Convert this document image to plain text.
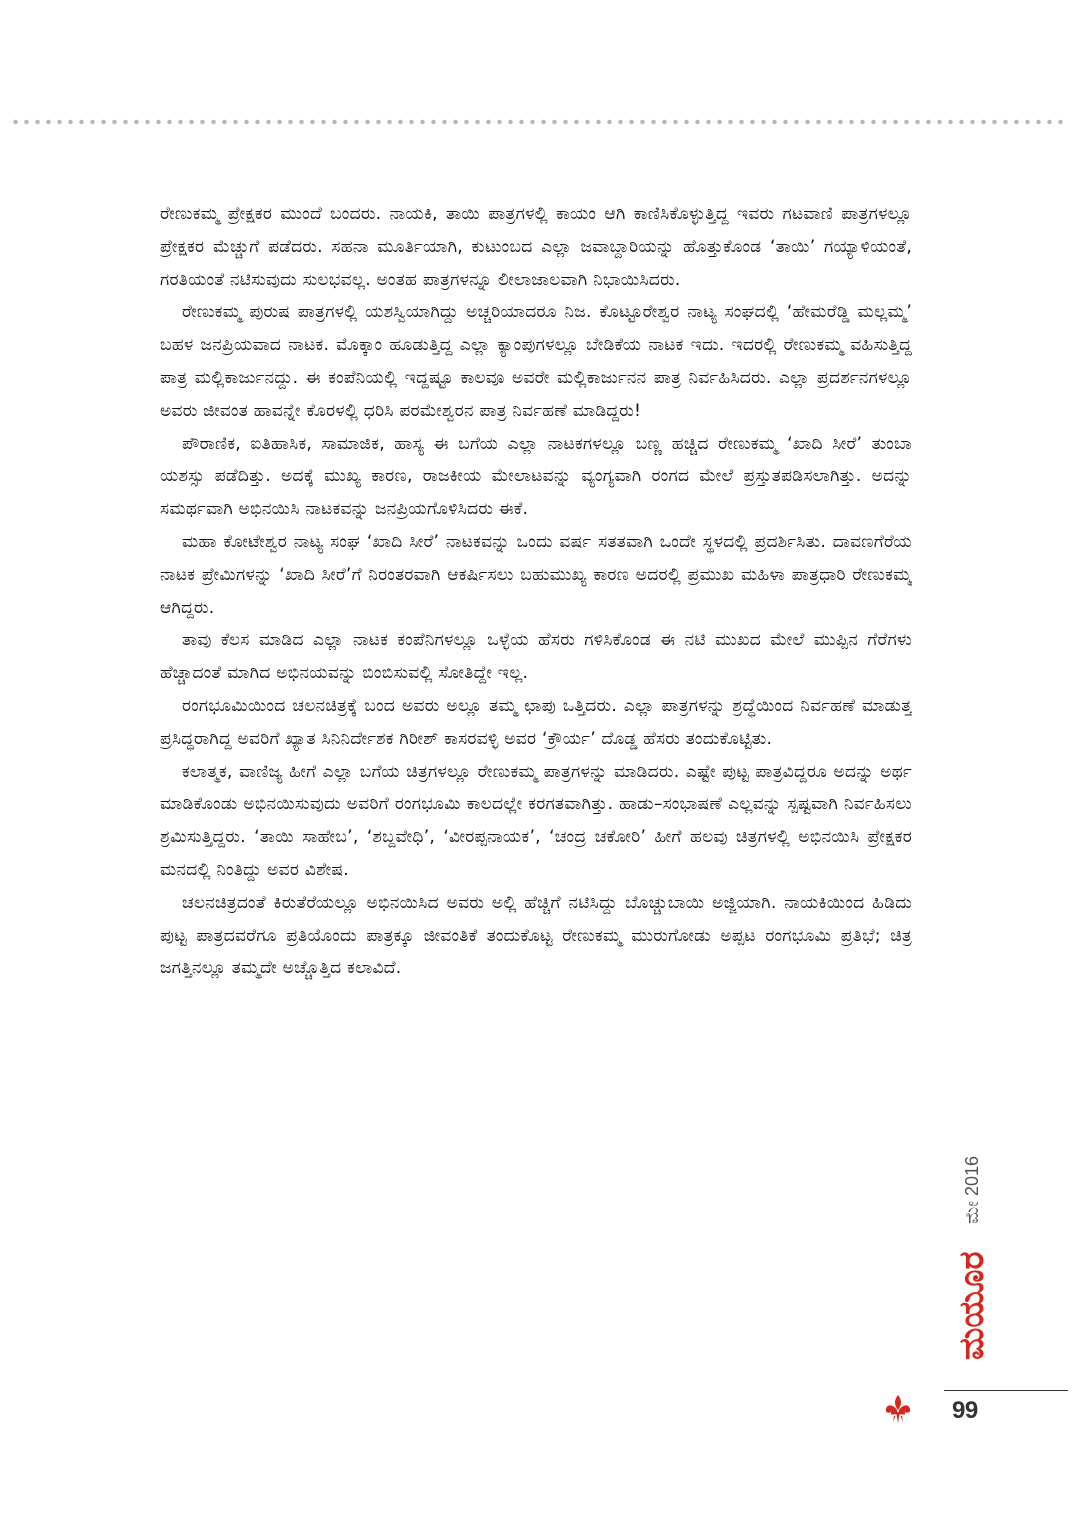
ರೇಣುಕಮ್ಮ ಪ್ರೇಕ್ಷಕರ ಮುಂದೆ ಬಂದರು. ನಾಯಕಿ, ತಾಯಿ ಪಾತ್ರಗಳಲ್ಲಿ ಕಾಯಂ ಆಗಿ ಕಾಣಿಸಿಕೊಳ್ಳುತ್ತಿದ್ದ ಇವರು ಗಟವಾಣಿ ಪಾತ್ರಗಳಲ್ಲೂ ಪ್ರೇಕ್ಷಕರ ಮೆಚ್ಚುಗೆ ಪಡೆದರು. ಸಹನಾ ಮೂರ್ತಿಯಾಗಿ, ಕುಟುಂಬದ ಎಲ್ಲಾ ಜವಾಬ್ದಾರಿಯನ್ನು ಹೊತ್ತುಕೊಂಡ ‘ತಾಯಿ’ ಗಯ್ಯಾಳಿಯಂತೆ, ಗರತಿಯಂತೆ ನಟಿಸುವುದು ಸುಲಭವಲ್ಲ. ಅಂತಹ ಪಾತ್ರಗಳನ್ನೂ ಲೀಲಾಜಾಲವಾಗಿ ನಿಭಾಯಿಸಿದರು.

ರೇಣುಕಮ್ಮ ಪುರುಷ ಪಾತ್ರಗಳಲ್ಲಿ ಯಶಸ್ವಿಯಾಗಿದ್ದು ಅಚ್ಚರಿಯಾದರೂ ನಿಜ. ಕೊಟ್ಟೂರೇಶ್ವರ ನಾಟ್ಯ ಸಂಘದಲ್ಲಿ ‘ಹೇಮರೆಡ್ಡಿ ಮಲ್ಲಮ್ಮ’ ಬಹಳ ಜನಪ್ರಿಯವಾದ ನಾಟಕ. ಮೊಕ್ಕಾಂ ಹೂಡುತ್ತಿದ್ದ ಎಲ್ಲಾ ಕ್ಯಾಂಪುಗಳಲ್ಲೂ ಬೇಡಿಕೆಯ ನಾಟಕ ಇದು. ಇದರಲ್ಲಿ ರೇಣುಕಮ್ಮ ವಹಿಸುತ್ತಿದ್ದ ಪಾತ್ರ ಮಲ್ಲಿಕಾರ್ಜುನದ್ದು. ಈ ಕಂಪೆನಿಯಲ್ಲಿ ಇದ್ದಷ್ಟೂ ಕಾಲವೂ ಅವರೇ ಮಲ್ಲಿಕಾರ್ಜುನನ ಪಾತ್ರ ನಿರ್ವಹಿಸಿದರು. ಎಲ್ಲಾ ಪ್ರದರ್ಶನಗಳಲ್ಲೂ ಅವರು ಜೀವಂತ ಹಾವನ್ನೇ ಕೊರಳಲ್ಲಿ ಧರಿಸಿ ಪರಮೇಶ್ವರನ ಪಾತ್ರ ನಿರ್ವಹಣೆ ಮಾಡಿದ್ದರು!

ಪೌರಾಣಿಕ, ಐತಿಹಾಸಿಕ, ಸಾಮಾಜಿಕ, ಹಾಸ್ಯ ಈ ಬಗೆಯ ಎಲ್ಲಾ ನಾಟಕಗಳಲ್ಲೂ ಬಣ್ಣ ಹಚ್ಚಿದ ರೇಣುಕಮ್ಮ ‘ಖಾದಿ ಸೀರೆ’ ತುಂಬಾ ಯಶಸ್ಸು ಪಡೆದಿತ್ತು. ಅದಕ್ಕೆ ಮುಖ್ಯ ಕಾರಣ, ರಾಜಕೀಯ ಮೇಲಾಟವನ್ನು ವ್ಯಂಗ್ಯವಾಗಿ ರಂಗದ ಮೇಲೆ ಪ್ರಸ್ತುತಪಡಿಸಲಾಗಿತ್ತು. ಅದನ್ನು ಸಮರ್ಥವಾಗಿ ಅಭಿನಯಿಸಿ ನಾಟಕವನ್ನು ಜನಪ್ರಿಯಗೊಳಿಸಿದರು ಈಕೆ.

ಮಹಾ ಕೋಟೇಶ್ವರ ನಾಟ್ಯ ಸಂಘ ‘ಖಾದಿ ಸೀರೆ’ ನಾಟಕವನ್ನು ಒಂದು ವರ್ಷ ಸತತವಾಗಿ ಒಂದೇ ಸ್ಥಳದಲ್ಲಿ ಪ್ರದರ್ಶಿಸಿತು. ದಾವಣಗೆರೆಯ ನಾಟಕ ಪ್ರೇಮಿಗಳನ್ನು ‘ಖಾದಿ ಸೀರೆ’ಗೆ ನಿರಂತರವಾಗಿ ಆಕರ್ಷಿಸಲು ಬಹುಮುಖ್ಯ ಕಾರಣ ಅದರಲ್ಲಿ ಪ್ರಮುಖ ಮಹಿಳಾ ಪಾತ್ರಧಾರಿ ರೇಣುಕಮ್ಮ ಆಗಿದ್ದರು.

ತಾವು ಕೆಲಸ ಮಾಡಿದ ಎಲ್ಲಾ ನಾಟಕ ಕಂಪೆನಿಗಳಲ್ಲೂ ಒಳ್ಳೆಯ ಹೆಸರು ಗಳಿಸಿಕೊಂಡ ಈ ನಟಿ ಮುಖದ ಮೇಲೆ ಮುಪ್ಪಿನ ಗೆರೆಗಳು ಹೆಚ್ಚಾದಂತೆ ಮಾಗಿದ ಅಭಿನಯವನ್ನು ಬಿಂಬಿಸುವಲ್ಲಿ ಸೋತಿದ್ದೇ ಇಲ್ಲ.

ರಂಗಭೂಮಿಯಿಂದ ಚಲನಚಿತ್ರಕ್ಕೆ ಬಂದ ಅವರು ಅಲ್ಲೂ ತಮ್ಮ ಛಾಪು ಒತ್ತಿದರು. ಎಲ್ಲಾ ಪಾತ್ರಗಳನ್ನು ಶ್ರದ್ಧೆಯಿಂದ ನಿರ್ವಹಣೆ ಮಾಡುತ್ತ ಪ್ರಸಿದ್ಧರಾಗಿದ್ದ ಅವರಿಗೆ ಖ್ಯಾತ ಸಿನಿನಿರ್ದೇಶಕ ಗಿರೀಶ್ ಕಾಸರವಳ್ಳಿ ಅವರ ‘ಕ್ರೌರ್ಯ’ ದೊಡ್ಡ ಹೆಸರು ತಂದುಕೊಟ್ಟಿತು.

ಕಲಾತ್ಮಕ, ವಾಣಿಜ್ಯ ಹೀಗೆ ಎಲ್ಲಾ ಬಗೆಯ ಚಿತ್ರಗಳಲ್ಲೂ ರೇಣುಕಮ್ಮ ಪಾತ್ರಗಳನ್ನು ಮಾಡಿದರು. ಎಷ್ಟೇ ಪುಟ್ಟ ಪಾತ್ರವಿದ್ದರೂ ಅದನ್ನು ಅರ್ಥ ಮಾಡಿಕೊಂಡು ಅಭಿನಯಿಸುವುದು ಅವರಿಗೆ ರಂಗಭೂಮಿ ಕಾಲದಲ್ಲೇ ಕರಗತವಾಗಿತ್ತು. ಹಾಡು–ಸಂಭಾಷಣೆ ಎಲ್ಲವನ್ನು ಸ್ಪಷ್ಟವಾಗಿ ನಿರ್ವಹಿಸಲು ಶ್ರಮಿಸುತ್ತಿದ್ದರು. ‘ತಾಯಿ ಸಾಹೇಬ’, ‘ಶಬ್ದವೇಧಿ’, ‘ವೀರಪ್ಪನಾಯಕ’, ‘ಚಂದ್ರ ಚಕೋರಿ’ ಹೀಗೆ ಹಲವು ಚಿತ್ರಗಳಲ್ಲಿ ಅಭಿನಯಿಸಿ ಪ್ರೇಕ್ಷಕರ ಮನದಲ್ಲಿ ನಿಂತಿದ್ದು ಅವರ ವಿಶೇಷ.

ಚಲನಚಿತ್ರದಂತೆ ಕಿರುತೆರೆಯಲ್ಲೂ ಅಭಿನಯಿಸಿದ ಅವರು ಅಲ್ಲಿ ಹೆಚ್ಚಿಗೆ ನಟಿಸಿದ್ದು ಬೊಚ್ಚುಬಾಯಿ ಅಜ್ಜಿಯಾಗಿ. ನಾಯಕಿಯಿಂದ ಹಿಡಿದು ಪುಟ್ಟ ಪಾತ್ರದವರೆಗೂ ಪ್ರತಿಯೊಂದು ಪಾತ್ರಕ್ಕೂ ಜೀವಂತಿಕೆ ತಂದುಕೊಟ್ಟ ರೇಣುಕಮ್ಮ ಮುರುಗೋಡು ಅಪ್ಪಟ ರಂಗಭೂಮಿ ಪ್ರತಿಭೆ; ಚಿತ್ರ ಜಗತ್ತಿನಲ್ಲೂ ತಮ್ಮದೇ ಅಚ್ಚೊತ್ತಿದ ಕಲಾವಿದೆ.

ಮೇ 2016
ಮಯೂರ
99
